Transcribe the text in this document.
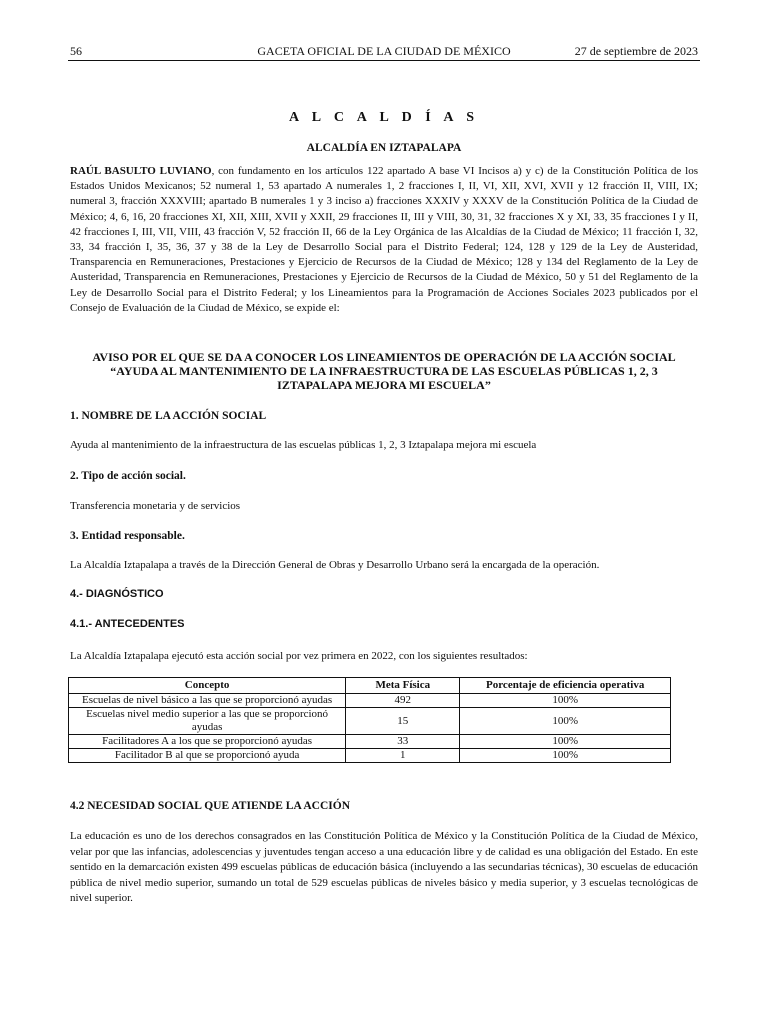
56	GACETA OFICIAL DE LA CIUDAD DE MÉXICO	27 de septiembre de 2023
A L C A L D Í A S
ALCALDÍA EN IZTAPALAPA

RAÚL BASULTO LUVIANO, con fundamento en los artículos 122 apartado A base VI Incisos a) y c) de la Constitución Política de los Estados Unidos Mexicanos; 52 numeral 1, 53 apartado A numerales 1, 2 fracciones I, II, VI, XII, XVI, XVII y 12 fracción II, VIII, IX; numeral 3, fracción XXXVIII; apartado B numerales 1 y 3 inciso a) fracciones XXXIV y XXXV de la Constitución Política de la Ciudad de México; 4, 6, 16, 20 fracciones XI, XII, XIII, XVII y XXII, 29 fracciones II, III y VIII, 30, 31, 32 fracciones X y XI, 33, 35 fracciones I y II, 42 fracciones I, III, VII, VIII, 43 fracción V, 52 fracción II, 66 de la Ley Orgánica de las Alcaldías de la Ciudad de México; 11 fracción I, 32, 33, 34 fracción I, 35, 36, 37 y 38 de la Ley de Desarrollo Social para el Distrito Federal; 124, 128 y 129 de la Ley de Austeridad, Transparencia en Remuneraciones, Prestaciones y Ejercicio de Recursos de la Ciudad de México; 128 y 134 del Reglamento de la Ley de Austeridad, Transparencia en Remuneraciones, Prestaciones y Ejercicio de Recursos de la Ciudad de México, 50 y 51 del Reglamento de la Ley de Desarrollo Social para el Distrito Federal; y los Lineamientos para la Programación de Acciones Sociales 2023 publicados por el Consejo de Evaluación de la Ciudad de México, se expide el:

AVISO POR EL QUE SE DA A CONOCER LOS LINEAMIENTOS DE OPERACIÓN DE LA ACCIÓN SOCIAL
“AYUDA AL MANTENIMIENTO DE LA INFRAESTRUCTURA DE LAS ESCUELAS PÚBLICAS 1, 2, 3
IZTAPALAPA MEJORA MI ESCUELA”

1. NOMBRE DE LA ACCIÓN SOCIAL

Ayuda al mantenimiento de la infraestructura de las escuelas públicas 1, 2, 3 Iztapalapa mejora mi escuela

2. Tipo de acción social.

Transferencia monetaria y de servicios

3. Entidad responsable.

La Alcaldía Iztapalapa a través de la Dirección General de Obras y Desarrollo Urbano será la encargada de la operación.

4.- DIAGNÓSTICO

4.1.- ANTECEDENTES

La Alcaldía Iztapalapa ejecutó esta acción social por vez primera en 2022, con los siguientes resultados:

Concepto	Meta Física	Porcentaje de eficiencia operativa
Escuelas de nivel básico a las que se proporcionó ayudas	492	100%
Escuelas nivel medio superior a las que se proporcionó ayudas	15	100%
Facilitadores A a los que se proporcionó ayudas	33	100%
Facilitador B al que se proporcionó ayuda	1	100%

4.2 NECESIDAD SOCIAL QUE ATIENDE LA ACCIÓN

La educación es uno de los derechos consagrados en las Constitución Política de México y la Constitución Política de la Ciudad de México, velar por que las infancias, adolescencias y juventudes tengan acceso a una educación libre y de calidad es una obligación del Estado. En este sentido en la demarcación existen 499 escuelas públicas de educación básica (incluyendo a las secundarias técnicas), 30 escuelas de educación pública de nivel medio superior, sumando un total de 529 escuelas públicas de niveles básico y media superior, y 3 escuelas tecnológicas de nivel superior.
